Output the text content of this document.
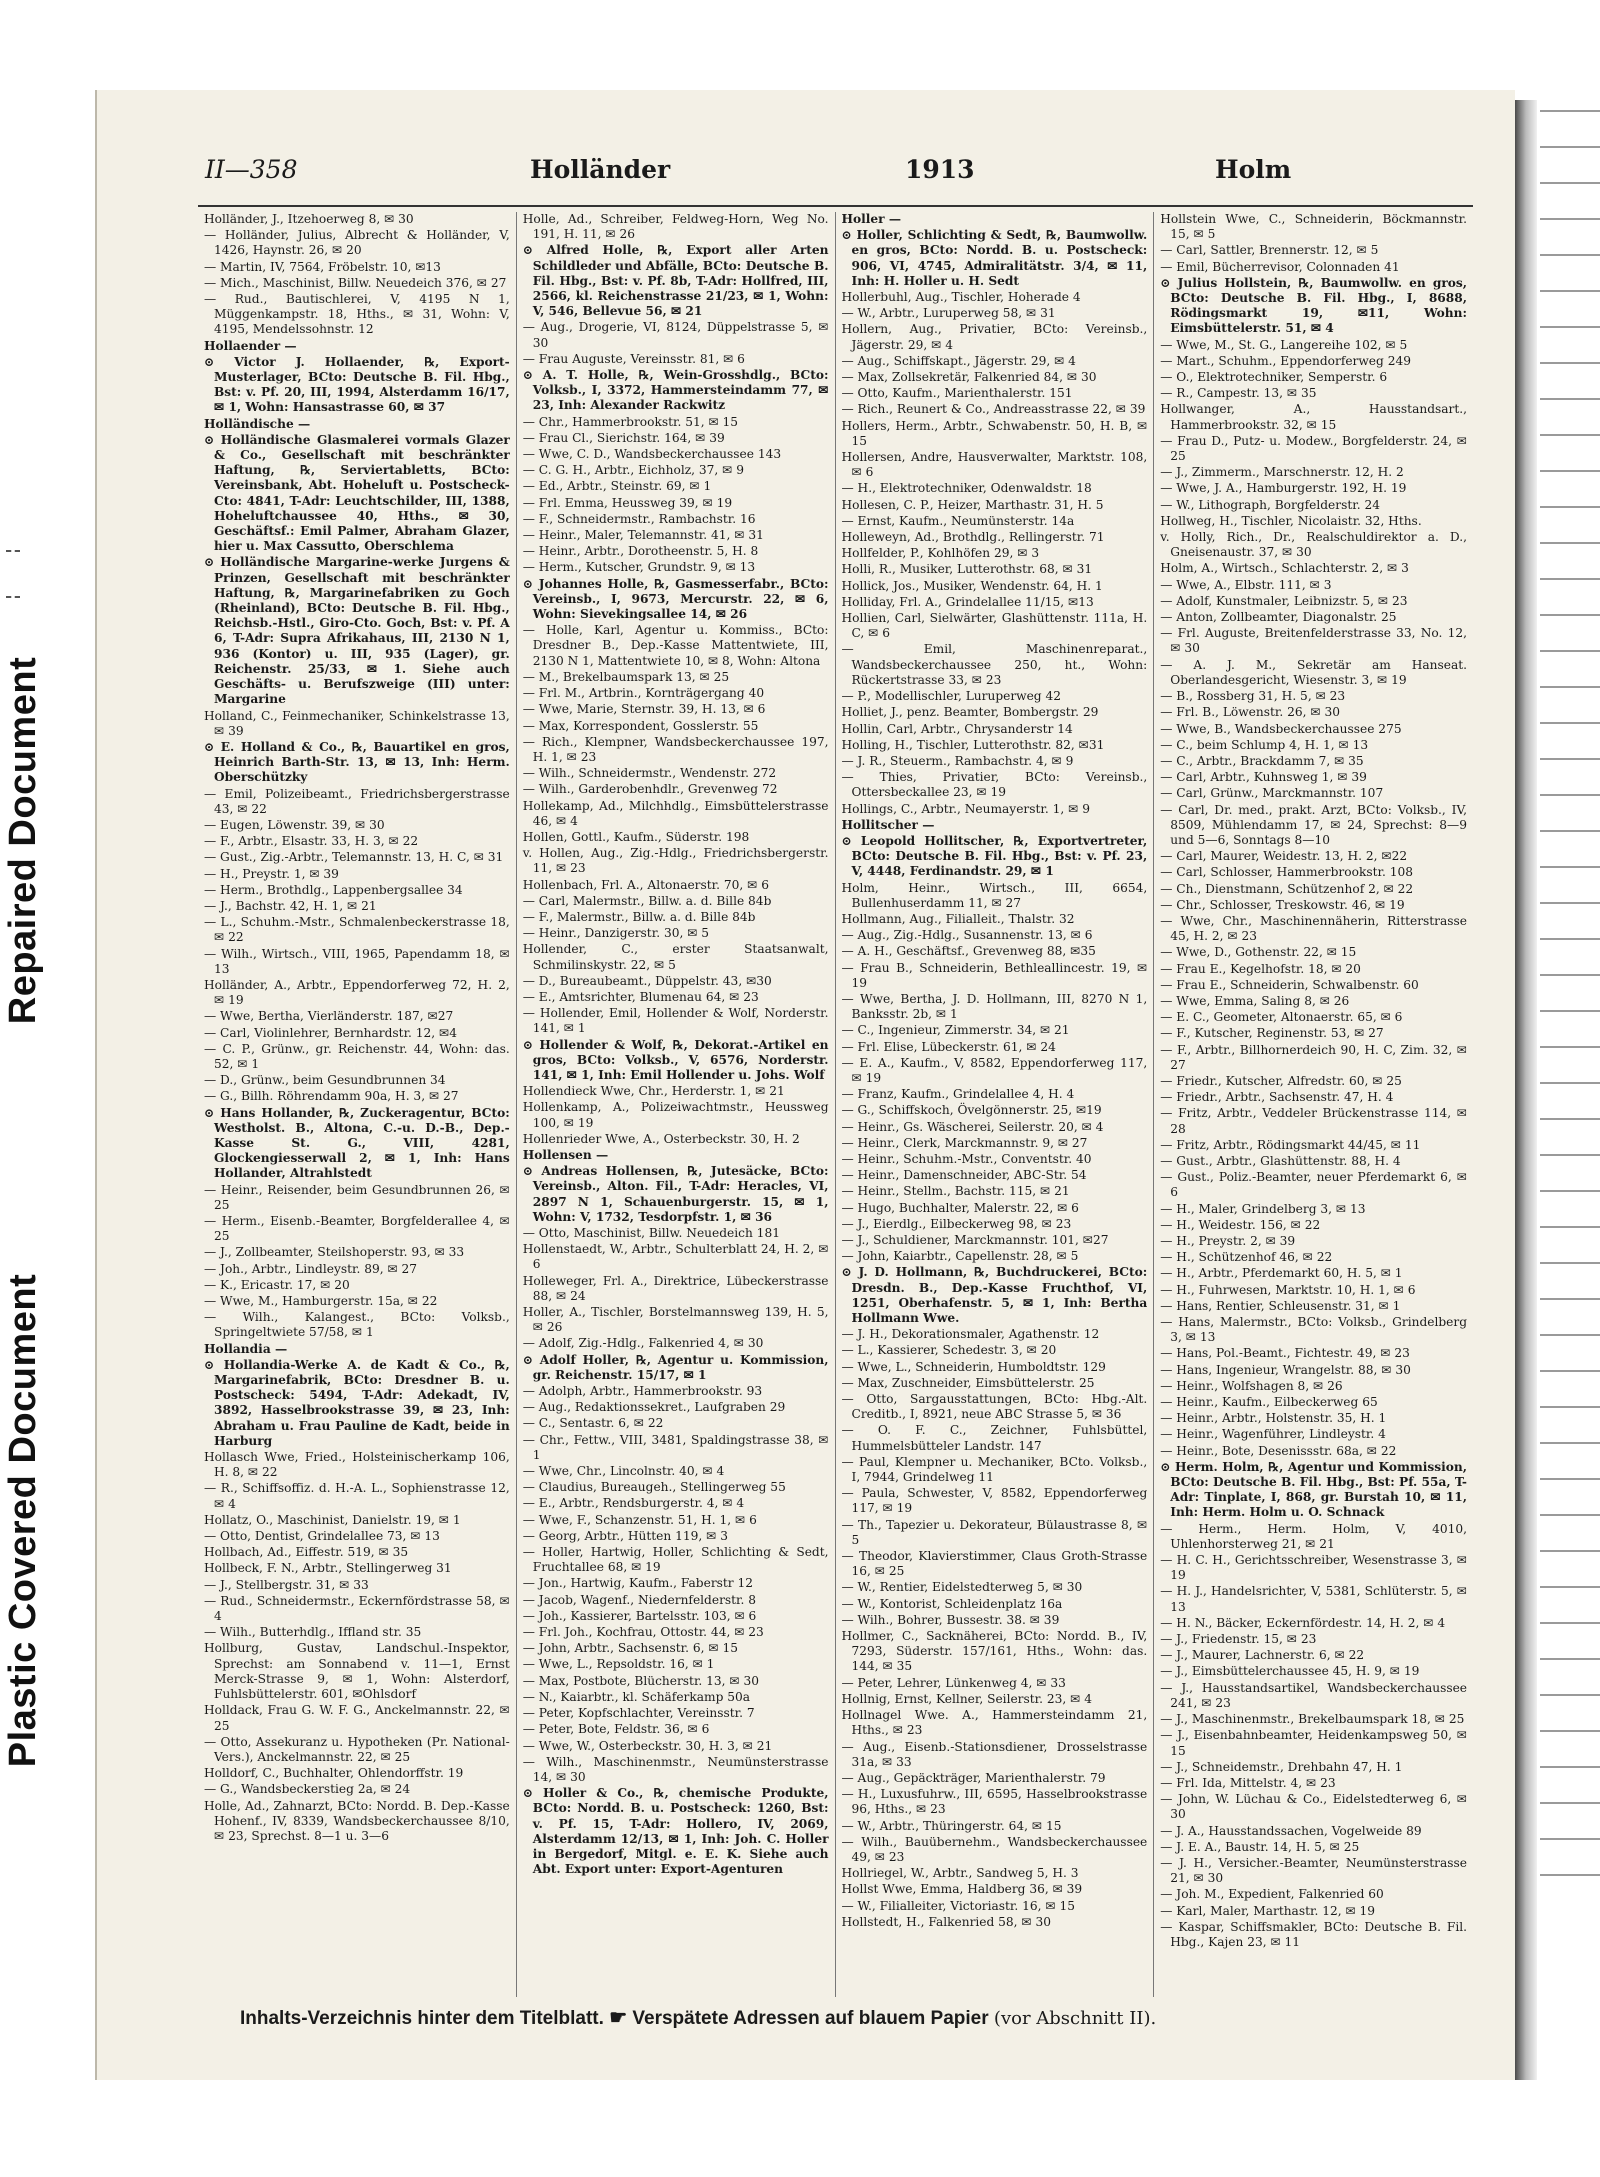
Repaired Document
Plastic Covered Document
II—358	Holländer	1913	Holm

Holländer, J., Itzehoerweg 8, ✉ 30

— Holländer, Julius, Albrecht & Holländer, V, 1426, Haynstr. 26, ✉ 20

— Martin, IV, 7564, Fröbelstr. 10, ✉13

— Mich., Maschinist, Billw. Neuedeich 376, ✉ 27

— Rud., Bautischlerei, V, 4195 N 1, Müggenkampstr. 18, Hths., ✉ 31, Wohn: V, 4195, Mendelssohnstr. 12

Hollaender —

⊙ Victor J. Hollaender, ℞, Export-Musterlager, BCto: Deutsche B. Fil. Hbg., Bst: v. Pf. 20, III, 1994, Alsterdamm 16/17, ✉ 1, Wohn: Hansastrasse 60, ✉ 37

Holländische —

⊙ Holländische Glasmalerei vormals Glazer & Co., Gesellschaft mit beschränkter Haftung, ℞, Serviertabletts, BCto: Vereinsbank, Abt. Hoheluft u. Postscheck-Cto: 4841, T-Adr: Leuchtschilder, III, 1388, Hoheluftchaussee 40, Hths., ✉ 30, Geschäftsf.: Emil Palmer, Abraham Glazer, hier u. Max Cassutto, Oberschlema

⊙ Holländische Margarine-werke Jurgens & Prinzen, Gesellschaft mit beschränkter Haftung, ℞, Margarinefabriken zu Goch (Rheinland), BCto: Deutsche B. Fil. Hbg., Reichsb.-Hstl., Giro-Cto. Goch, Bst: v. Pf. A 6, T-Adr: Supra Afrikahaus, III, 2130 N 1, 936 (Kontor) u. III, 935 (Lager), gr. Reichenstr. 25/33, ✉ 1. Siehe auch Geschäfts- u. Berufszweige (III) unter: Margarine

Holland, C., Feinmechaniker, Schinkelstrasse 13, ✉ 39

⊙ E. Holland & Co., ℞, Bauartikel en gros, Heinrich Barth-Str. 13, ✉ 13, Inh: Herm. Oberschützky

— Emil, Polizeibeamt., Friedrichsbergerstrasse 43, ✉ 22

— Eugen, Löwenstr. 39, ✉ 30

— F., Arbtr., Elsastr. 33, H. 3, ✉ 22

— Gust., Zig.-Arbtr., Telemannstr. 13, H. C, ✉ 31

— H., Preystr. 1, ✉ 39

— Herm., Brothdlg., Lappenbergsallee 34

— J., Bachstr. 42, H. 1, ✉ 21

— L., Schuhm.-Mstr., Schmalenbeckerstrasse 18, ✉ 22

— Wilh., Wirtsch., VIII, 1965, Papendamm 18, ✉ 13

Holländer, A., Arbtr., Eppendorferweg 72, H. 2, ✉ 19

— Wwe, Bertha, Vierländerstr. 187, ✉27

— Carl, Violinlehrer, Bernhardstr. 12, ✉4

— C. P., Grünw., gr. Reichenstr. 44, Wohn: das. 52, ✉ 1

— D., Grünw., beim Gesundbrunnen 34

— G., Billh. Röhrendamm 90a, H. 3, ✉ 27

⊙ Hans Hollander, ℞, Zuckeragentur, BCto: Westholst. B., Altona, C.-u. D.-B., Dep.-Kasse St. G., VIII, 4281, Glockengiesserwall 2, ✉ 1, Inh: Hans Hollander, Altrahlstedt

— Heinr., Reisender, beim Gesundbrunnen 26, ✉ 25

— Herm., Eisenb.-Beamter, Borgfelderallee 4, ✉ 25

— J., Zollbeamter, Steilshoperstr. 93, ✉ 33

— Joh., Arbtr., Lindleystr. 89, ✉ 27

— K., Ericastr. 17, ✉ 20

— Wwe, M., Hamburgerstr. 15a, ✉ 22

— Wilh., Kalangest., BCto: Volksb., Springeltwiete 57/58, ✉ 1

Hollandia —

⊙ Hollandia-Werke A. de Kadt & Co., ℞, Margarinefabrik, BCto: Dresdner B. u. Postscheck: 5494, T-Adr: Adekadt, IV, 3892, Hasselbrookstrasse 39, ✉ 23, Inh: Abraham u. Frau Pauline de Kadt, beide in Harburg

Hollasch Wwe, Fried., Holsteinischerkamp 106, H. 8, ✉ 22

— R., Schiffsoffiz. d. H.-A. L., Sophienstrasse 12, ✉ 4

Hollatz, O., Maschinist, Danielstr. 19, ✉ 1

— Otto, Dentist, Grindelallee 73, ✉ 13

Hollbach, Ad., Eiffestr. 519, ✉ 35

Hollbeck, F. N., Arbtr., Stellingerweg 31

— J., Stellbergstr. 31, ✉ 33

— Rud., Schneidermstr., Eckernfördstrasse 58, ✉ 4

— Wilh., Butterhdlg., Iffland str. 35

Hollburg, Gustav, Landschul.-Inspektor, Sprechst: am Sonnabend v. 11—1, Ernst Merck-Strasse 9, ✉ 1, Wohn: Alsterdorf, Fuhlsbüttelerstr. 601, ✉Ohlsdorf

Holldack, Frau G. W. F. G., Anckelmannstr. 22, ✉ 25

— Otto, Assekuranz u. Hypotheken (Pr. National-Vers.), Anckelmannstr. 22, ✉ 25

Holldorf, C., Buchhalter, Ohlendorffstr. 19

— G., Wandsbeckerstieg 2a, ✉ 24

Holle, Ad., Zahnarzt, BCto: Nordd. B. Dep.-Kasse Hohenf., IV, 8339, Wandsbeckerchaussee 8/10, ✉ 23, Sprechst. 8—1 u. 3—6

Holle, Ad., Schreiber, Feldweg-Horn, Weg No. 191, H. 11, ✉ 26

⊙ Alfred Holle, ℞, Export aller Arten Schildleder und Abfälle, BCto: Deutsche B. Fil. Hbg., Bst: v. Pf. 8b, T-Adr: Hollfred, III, 2566, kl. Reichenstrasse 21/23, ✉ 1, Wohn: V, 546, Bellevue 56, ✉ 21

— Aug., Drogerie, VI, 8124, Düppelstrasse 5, ✉ 30

— Frau Auguste, Vereinsstr. 81, ✉ 6

⊙ A. T. Holle, ℞, Wein-Grosshdlg., BCto: Volksb., I, 3372, Hammersteindamm 77, ✉ 23, Inh: Alexander Rackwitz

— Chr., Hammerbrookstr. 51, ✉ 15

— Frau Cl., Sierichstr. 164, ✉ 39

— Wwe, C. D., Wandsbeckerchaussee 143

— C. G. H., Arbtr., Eichholz, 37, ✉ 9

— Ed., Arbtr., Steinstr. 69, ✉ 1

— Frl. Emma, Heussweg 39, ✉ 19

— F., Schneidermstr., Rambachstr. 16

— Heinr., Maler, Telemannstr. 41, ✉ 31

— Heinr., Arbtr., Dorotheenstr. 5, H. 8

— Herm., Kutscher, Grundstr. 9, ✉ 13

⊙ Johannes Holle, ℞, Gasmesserfabr., BCto: Vereinsb., I, 9673, Mercurstr. 22, ✉ 6, Wohn: Sievekingsallee 14, ✉ 26

— Holle, Karl, Agentur u. Kommiss., BCto: Dresdner B., Dep.-Kasse Mattentwiete, III, 2130 N 1, Mattentwiete 10, ✉ 8, Wohn: Altona

— M., Brekelbaumspark 13, ✉ 25

— Frl. M., Artbrin., Kornträgergang 40

— Wwe, Marie, Sternstr. 39, H. 13, ✉ 6

— Max, Korrespondent, Gosslerstr. 55

— Rich., Klempner, Wandsbeckerchaussee 197, H. 1, ✉ 23

— Wilh., Schneidermstr., Wendenstr. 272

— Wilh., Garderobenhdlr., Grevenweg 72

Hollekamp, Ad., Milchhdlg., Eimsbüttelerstrasse 46, ✉ 4

Hollen, Gottl., Kaufm., Süderstr. 198

v. Hollen, Aug., Zig.-Hdlg., Friedrichsbergerstr. 11, ✉ 23

Hollenbach, Frl. A., Altonaerstr. 70, ✉ 6

— Carl, Malermstr., Billw. a. d. Bille 84b

— F., Malermstr., Billw. a. d. Bille 84b

— Heinr., Danzigerstr. 30, ✉ 5

Hollender, C., erster Staatsanwalt, Schmilinskystr. 22, ✉ 5

— D., Bureaubeamt., Düppelstr. 43, ✉30

— E., Amtsrichter, Blumenau 64, ✉ 23

— Hollender, Emil, Hollender & Wolf, Norderstr. 141, ✉ 1

⊙ Hollender & Wolf, ℞, Dekorat.-Artikel en gros, BCto: Volksb., V, 6576, Norderstr. 141, ✉ 1, Inh: Emil Hollender u. Johs. Wolf

Hollendieck Wwe, Chr., Herderstr. 1, ✉ 21

Hollenkamp, A., Polizeiwachtmstr., Heussweg 100, ✉ 19

Hollenrieder Wwe, A., Osterbeckstr. 30, H. 2

Hollensen —

⊙ Andreas Hollensen, ℞, Jutesäcke, BCto: Vereinsb., Alton. Fil., T-Adr: Heracles, VI, 2897 N 1, Schauenburgerstr. 15, ✉ 1, Wohn: V, 1732, Tesdorpfstr. 1, ✉ 36

— Otto, Maschinist, Billw. Neuedeich 181

Hollenstaedt, W., Arbtr., Schulterblatt 24, H. 2, ✉ 6

Holleweger, Frl. A., Direktrice, Lübeckerstrasse 88, ✉ 24

Holler, A., Tischler, Borstelmannsweg 139, H. 5, ✉ 26

— Adolf, Zig.-Hdlg., Falkenried 4, ✉ 30

⊙ Adolf Holler, ℞, Agentur u. Kommission, gr. Reichenstr. 15/17, ✉ 1

— Adolph, Arbtr., Hammerbrookstr. 93

— Aug., Redaktionssekret., Laufgraben 29

— C., Sentastr. 6, ✉ 22

— Chr., Fettw., VIII, 3481, Spaldingstrasse 38, ✉ 1

— Wwe, Chr., Lincolnstr. 40, ✉ 4

— Claudius, Bureaugeh., Stellingerweg 55

— E., Arbtr., Rendsburgerstr. 4, ✉ 4

— Wwe, F., Schanzenstr. 51, H. 1, ✉ 6

— Georg, Arbtr., Hütten 119, ✉ 3

— Holler, Hartwig, Holler, Schlichting & Sedt, Fruchtallee 68, ✉ 19

— Jon., Hartwig, Kaufm., Faberstr 12

— Jacob, Wagenf., Niedernfelderstr. 8

— Joh., Kassierer, Bartelsstr. 103, ✉ 6

— Frl. Joh., Kochfrau, Ottostr. 44, ✉ 23

— John, Arbtr., Sachsenstr. 6, ✉ 15

— Wwe, L., Repsoldstr. 16, ✉ 1

— Max, Postbote, Blücherstr. 13, ✉ 30

— N., Kaiarbtr., kl. Schäferkamp 50a

— Peter, Kopfschlachter, Vereinsstr. 7

— Peter, Bote, Feldstr. 36, ✉ 6

— Wwe, W., Osterbeckstr. 30, H. 3, ✉ 21

— Wilh., Maschinenmstr., Neumünsterstrasse 14, ✉ 30

⊙ Holler & Co., ℞, chemische Produkte, BCto: Nordd. B. u. Postscheck: 1260, Bst: v. Pf. 15, T-Adr: Hollero, IV, 2069, Alsterdamm 12/13, ✉ 1, Inh: Joh. C. Holler in Bergedorf, Mitgl. e. E. K. Siehe auch Abt. Export unter: Export-Agenturen

Holler —

⊙ Holler, Schlichting & Sedt, ℞, Baumwollw. en gros, BCto: Nordd. B. u. Postscheck: 906, VI, 4745, Admiralitätstr. 3/4, ✉ 11, Inh: H. Holler u. H. Sedt

Hollerbuhl, Aug., Tischler, Hoherade 4

— W., Arbtr., Luruperweg 58, ✉ 31

Hollern, Aug., Privatier, BCto: Vereinsb., Jägerstr. 29, ✉ 4

— Aug., Schiffskapt., Jägerstr. 29, ✉ 4

— Max, Zollsekretär, Falkenried 84, ✉ 30

— Otto, Kaufm., Marienthalerstr. 151

— Rich., Reunert & Co., Andreasstrasse 22, ✉ 39

Hollers, Herm., Arbtr., Schwabenstr. 50, H. B, ✉ 15

Hollersen, Andre, Hausverwalter, Marktstr. 108, ✉ 6

— H., Elektrotechniker, Odenwaldstr. 18

Hollesen, C. P., Heizer, Marthastr. 31, H. 5

— Ernst, Kaufm., Neumünsterstr. 14a

Holleweyn, Ad., Brothdlg., Rellingerstr. 71

Hollfelder, P., Kohlhöfen 29, ✉ 3

Holli, R., Musiker, Lutterothstr. 68, ✉ 31

Hollick, Jos., Musiker, Wendenstr. 64, H. 1

Holliday, Frl. A., Grindelallee 11/15, ✉13

Hollien, Carl, Sielwärter, Glashüttenstr. 111a, H. C, ✉ 6

— Emil, Maschinenreparat., Wandsbeckerchaussee 250, ht., Wohn: Rückertstrasse 33, ✉ 23

— P., Modellischler, Luruperweg 42

Holliet, J., penz. Beamter, Bombergstr. 29

Hollin, Carl, Arbtr., Chrysanderstr 14

Holling, H., Tischler, Lutterothstr. 82, ✉31

— J. R., Steuerm., Rambachstr. 4, ✉ 9

— Thies, Privatier, BCto: Vereinsb., Ottersbeckallee 23, ✉ 19

Hollings, C., Arbtr., Neumayerstr. 1, ✉ 9

Hollitscher —

⊙ Leopold Hollitscher, ℞, Exportvertreter, BCto: Deutsche B. Fil. Hbg., Bst: v. Pf. 23, V, 4448, Ferdinandstr. 29, ✉ 1

Holm, Heinr., Wirtsch., III, 6654, Bullenhuserdamm 11, ✉ 27

Hollmann, Aug., Filialleit., Thalstr. 32

— Aug., Zig.-Hdlg., Susannenstr. 13, ✉ 6

— A. H., Geschäftsf., Grevenweg 88, ✉35

— Frau B., Schneiderin, Bethleallincestr. 19, ✉ 19

— Wwe, Bertha, J. D. Hollmann, III, 8270 N 1, Banksstr. 2b, ✉ 1

— C., Ingenieur, Zimmerstr. 34, ✉ 21

— Frl. Elise, Lübeckerstr. 61, ✉ 24

— E. A., Kaufm., V, 8582, Eppendorferweg 117, ✉ 19

— Franz, Kaufm., Grindelallee 4, H. 4

— G., Schiffskoch, Övelgönnerstr. 25, ✉19

— Heinr., Gs. Wäscherei, Seilerstr. 20, ✉ 4

— Heinr., Clerk, Marckmannstr. 9, ✉ 27

— Heinr., Schuhm.-Mstr., Conventstr. 40

— Heinr., Damenschneider, ABC-Str. 54

— Heinr., Stellm., Bachstr. 115, ✉ 21

— Hugo, Buchhalter, Malerstr. 22, ✉ 6

— J., Eierdlg., Eilbeckerweg 98, ✉ 23

— J., Schuldiener, Marckmannstr. 101, ✉27

— John, Kaiarbtr., Capellenstr. 28, ✉ 5

⊙ J. D. Hollmann, ℞, Buchdruckerei, BCto: Dresdn. B., Dep.-Kasse Fruchthof, VI, 1251, Oberhafenstr. 5, ✉ 1, Inh: Bertha Hollmann Wwe.

— J. H., Dekorationsmaler, Agathenstr. 12

— L., Kassierer, Schedestr. 3, ✉ 20

— Wwe, L., Schneiderin, Humboldtstr. 129

— Max, Zuschneider, Eimsbüttelerstr. 25

— Otto, Sargausstattungen, BCto: Hbg.-Alt. Creditb., I, 8921, neue ABC Strasse 5, ✉ 36

— O. F. C., Zeichner, Fuhlsbüttel, Hummelsbütteler Landstr. 147

— Paul, Klempner u. Mechaniker, BCto. Volksb., I, 7944, Grindelweg 11

— Paula, Schwester, V, 8582, Eppendorferweg 117, ✉ 19

— Th., Tapezier u. Dekorateur, Bülaustrasse 8, ✉ 5

— Theodor, Klavierstimmer, Claus Groth-Strasse 16, ✉ 25

— W., Rentier, Eidelstedterweg 5, ✉ 30

— W., Kontorist, Schleidenplatz 16a

— Wilh., Bohrer, Bussestr. 38. ✉ 39

Hollmer, C., Sacknäherei, BCto: Nordd. B., IV, 7293, Süderstr. 157/161, Hths., Wohn: das. 144, ✉ 35

— Peter, Lehrer, Lünkenweg 4, ✉ 33

Hollnig, Ernst, Kellner, Seilerstr. 23, ✉ 4

Hollnagel Wwe. A., Hammersteindamm 21, Hths., ✉ 23

— Aug., Eisenb.-Stationsdiener, Drosselstrasse 31a, ✉ 33

— Aug., Gepäckträger, Marienthalerstr. 79

— H., Luxusfuhrw., III, 6595, Hasselbrookstrasse 96, Hths., ✉ 23

— W., Arbtr., Thüringerstr. 64, ✉ 15

— Wilh., Bauübernehm., Wandsbeckerchaussee 49, ✉ 23

Hollriegel, W., Arbtr., Sandweg 5, H. 3

Hollst Wwe, Emma, Haldberg 36, ✉ 39

— W., Filialleiter, Victoriastr. 16, ✉ 15

Hollstedt, H., Falkenried 58, ✉ 30

Hollstein Wwe, C., Schneiderin, Böckmannstr. 15, ✉ 5

— Carl, Sattler, Brennerstr. 12, ✉ 5

— Emil, Bücherrevisor, Colonnaden 41

⊙ Julius Hollstein, ℞, Baumwollw. en gros, BCto: Deutsche B. Fil. Hbg., I, 8688, Rödingsmarkt 19, ✉11, Wohn: Eimsbüttelerstr. 51, ✉ 4

— Wwe, M., St. G., Langereihe 102, ✉ 5

— Mart., Schuhm., Eppendorferweg 249

— O., Elektrotechniker, Semperstr. 6

— R., Campestr. 13, ✉ 35

Hollwanger, A., Hausstandsart., Hammerbrookstr. 32, ✉ 15

— Frau D., Putz- u. Modew., Borgfelderstr. 24, ✉ 25

— J., Zimmerm., Marschnerstr. 12, H. 2

— Wwe, J. A., Hamburgerstr. 192, H. 19

— W., Lithograph, Borgfelderstr. 24

Hollweg, H., Tischler, Nicolaistr. 32, Hths.

v. Holly, Rich., Dr., Realschuldirektor a. D., Gneisenaustr. 37, ✉ 30

Holm, A., Wirtsch., Schlachterstr. 2, ✉ 3

— Wwe, A., Elbstr. 111, ✉ 3

— Adolf, Kunstmaler, Leibnizstr. 5, ✉ 23

— Anton, Zollbeamter, Diagonalstr. 25

— Frl. Auguste, Breitenfelderstrasse 33, No. 12, ✉ 30

— A. J. M., Sekretär am Hanseat. Oberlandesgericht, Wiesenstr. 3, ✉ 19

— B., Rossberg 31, H. 5, ✉ 23

— Frl. B., Löwenstr. 26, ✉ 30

— Wwe, B., Wandsbeckerchaussee 275

— C., beim Schlump 4, H. 1, ✉ 13

— C., Arbtr., Brackdamm 7, ✉ 35

— Carl, Arbtr., Kuhnsweg 1, ✉ 39

— Carl, Grünw., Marckmannstr. 107

— Carl, Dr. med., prakt. Arzt, BCto: Volksb., IV, 8509, Mühlendamm 17, ✉ 24, Sprechst: 8—9 und 5—6, Sonntags 8—10

— Carl, Maurer, Weidestr. 13, H. 2, ✉22

— Carl, Schlosser, Hammerbrookstr. 108

— Ch., Dienstmann, Schützenhof 2, ✉ 22

— Chr., Schlosser, Treskowstr. 46, ✉ 19

— Wwe, Chr., Maschinennäherin, Ritterstrasse 45, H. 2, ✉ 23

— Wwe, D., Gothenstr. 22, ✉ 15

— Frau E., Kegelhofstr. 18, ✉ 20

— Frau E., Schneiderin, Schwalbenstr. 60

— Wwe, Emma, Saling 8, ✉ 26

— E. C., Geometer, Altonaerstr. 65, ✉ 6

— F., Kutscher, Reginenstr. 53, ✉ 27

— F., Arbtr., Billhornerdeich 90, H. C, Zim. 32, ✉ 27

— Friedr., Kutscher, Alfredstr. 60, ✉ 25

— Friedr., Arbtr., Sachsenstr. 47, H. 4

— Fritz, Arbtr., Veddeler Brückenstrasse 114, ✉ 28

— Fritz, Arbtr., Rödingsmarkt 44/45, ✉ 11

— Gust., Arbtr., Glashüttenstr. 88, H. 4

— Gust., Poliz.-Beamter, neuer Pferdemarkt 6, ✉ 6

— H., Maler, Grindelberg 3, ✉ 13

— H., Weidestr. 156, ✉ 22

— H., Preystr. 2, ✉ 39

— H., Schützenhof 46, ✉ 22

— H., Arbtr., Pferdemarkt 60, H. 5, ✉ 1

— H., Fuhrwesen, Marktstr. 10, H. 1, ✉ 6

— Hans, Rentier, Schleusenstr. 31, ✉ 1

— Hans, Malermstr., BCto: Volksb., Grindelberg 3, ✉ 13

— Hans, Pol.-Beamt., Fichtestr. 49, ✉ 23

— Hans, Ingenieur, Wrangelstr. 88, ✉ 30

— Heinr., Wolfshagen 8, ✉ 26

— Heinr., Kaufm., Eilbeckerweg 65

— Heinr., Arbtr., Holstenstr. 35, H. 1

— Heinr., Wagenführer, Lindleystr. 4

— Heinr., Bote, Desenissstr. 68a, ✉ 22

⊙ Herm. Holm, ℞, Agentur und Kommission, BCto: Deutsche B. Fil. Hbg., Bst: Pf. 55a, T-Adr: Tinplate, I, 868, gr. Burstah 10, ✉ 11, Inh: Herm. Holm u. O. Schnack

— Herm., Herm. Holm, V, 4010, Uhlenhorsterweg 21, ✉ 21

— H. C. H., Gerichtsschreiber, Wesenstrasse 3, ✉ 19

— H. J., Handelsrichter, V, 5381, Schlüterstr. 5, ✉ 13

— H. N., Bäcker, Eckernfördestr. 14, H. 2, ✉ 4

— J., Friedenstr. 15, ✉ 23

— J., Maurer, Lachnerstr. 6, ✉ 22

— J., Eimsbüttelerchaussee 45, H. 9, ✉ 19

— J., Hausstandsartikel, Wandsbeckerchaussee 241, ✉ 23

— J., Maschinenmstr., Brekelbaumspark 18, ✉ 25

— J., Eisenbahnbeamter, Heidenkampsweg 50, ✉ 15

— J., Schneidemstr., Drehbahn 47, H. 1

— Frl. Ida, Mittelstr. 4, ✉ 23

— John, W. Lüchau & Co., Eidelstedterweg 6, ✉ 30

— J. A., Hausstandssachen, Vogelweide 89

— J. E. A., Baustr. 14, H. 5, ✉ 25

— J. H., Versicher.-Beamter, Neumünsterstrasse 21, ✉ 30

— Joh. M., Expedient, Falkenried 60

— Karl, Maler, Marthastr. 12, ✉ 19

— Kaspar, Schiffsmakler, BCto: Deutsche B. Fil. Hbg., Kajen 23, ✉ 11

Inhalts-Verzeichnis hinter dem Titelblatt. ☛ Verspätete Adressen auf blauem Papier (vor Abschnitt II).
